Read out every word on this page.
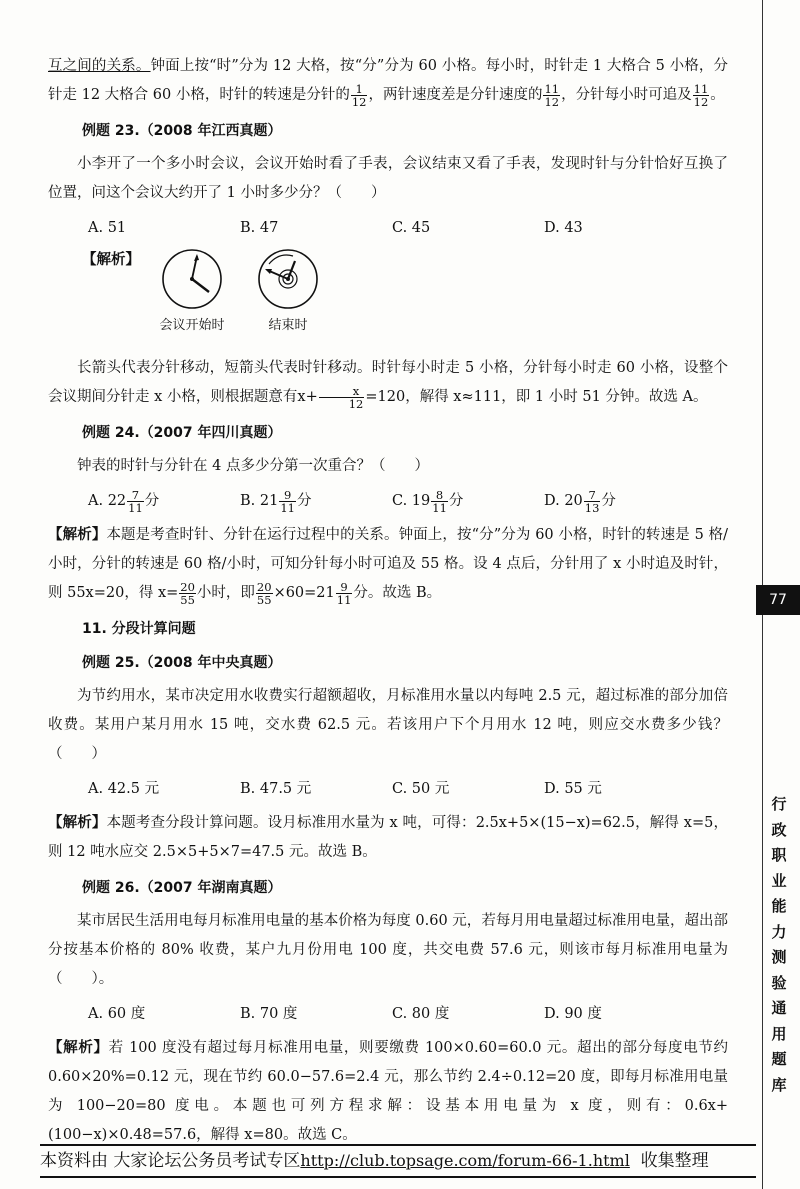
互之间的关系。钟面上按“时”分为 12 大格，按“分”分为 60 小格。每小时，时针走 1 大格合 5 小格，分针走 12 大格合 60 小格，时针的转速是分针的 $\frac{1}{12}$ ，两针速度差是分针速度的 $\frac{11}{12}$ ，分针每小时可追及 $\frac{11}{12}$ 。

例题 23.（2008 年江西真题）

小李开了一个多小时会议，会议开始时看了手表，会议结束又看了手表，发现时针与分针恰好互换了位置，问这个会议大约开了 1 小时多少分？（　　）

A. 51	B. 47	C. 45	D. 43
【解析】
会议开始时	结束时

长箭头代表分针移动，短箭头代表时针移动。时针每小时走 5 小格，分针每小时走 60 小格，设整个会议期间分针走 x 小格，则根据题意有$x+ \frac{x}{12} =120$，解得 x≈111，即 1 小时 51 分钟。故选 A。

例题 24.（2007 年四川真题）

钟表的时针与分针在 4 点多少分第一次重合？（　　）

A. $22 \frac{7}{11}$ 分	B. $21 \frac{9}{11}$ 分	C. $19 \frac{8}{11}$ 分	D. $20 \frac{7}{13}$ 分

【解析】本题是考查时针、分针在运行过程中的关系。钟面上，按“分”分为 60 小格，时针的转速是 5 格/小时，分针的转速是 60 格/小时，可知分针每小时可追及 55 格。设 4 点后，分针用了 x 小时追及时针，则 55x=20，得 $x= \frac{20}{55}$ 小时，即 $\frac{20}{55} \times 60=21 \frac{9}{11}$ 分。故选 B。

11. 分段计算问题
例题 25.（2008 年中央真题）

为节约用水，某市决定用水收费实行超额超收，月标准用水量以内每吨 2.5 元，超过标准的部分加倍收费。某用户某月用水 15 吨，交水费 62.5 元。若该用户下个月用水 12 吨，则应交水费多少钱？（　　）

A. 42.5 元	B. 47.5 元	C. 50 元	D. 55 元

【解析】本题考查分段计算问题。设月标准用水量为 x 吨，可得：2.5x+5×(15−x)=62.5，解得 x=5，则 12 吨水应交 2.5×5+5×7=47.5 元。故选 B。

例题 26.（2007 年湖南真题）

某市居民生活用电每月标准用电量的基本价格为每度 0.60 元，若每月用电量超过标准用电量，超出部分按基本价格的 80% 收费，某户九月份用电 100 度，共交电费 57.6 元，则该市每月标准用电量为（　　）。

A. 60 度	B. 70 度	C. 80 度	D. 90 度

【解析】若 100 度没有超过每月标准用电量，则要缴费 100×0.60=60.0 元。超出的部分每度电节约 0.60×20%=0.12 元，现在节约 60.0−57.6=2.4 元，那么节约 2.4÷0.12=20 度，即每月标准用电量为 100−20=80 度电。本题也可列方程求解：设基本用电量为 x 度，则有：0.6x+(100−x)×0.48=57.6，解得 x=80。故选 C。

77
行
政
职
业
能
力
测
验
通
用
题
库
本资料由 大家论坛公务员考试专区http://club.topsage.com/forum-66-1.html 收集整理
